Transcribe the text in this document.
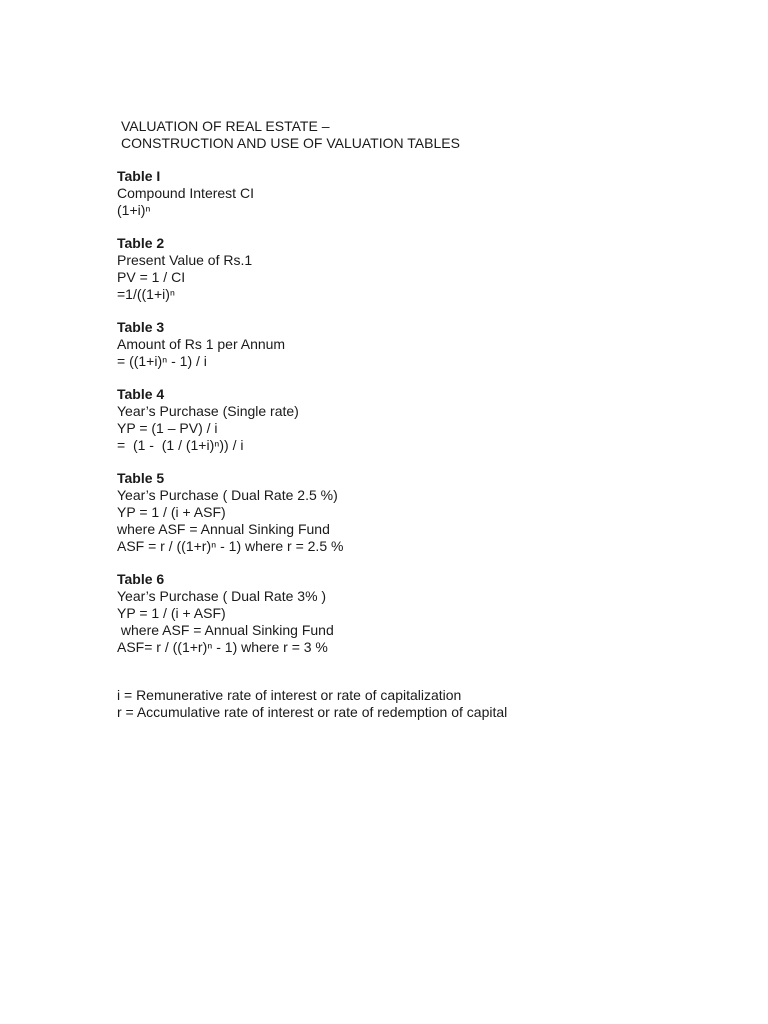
VALUATION OF REAL ESTATE –
CONSTRUCTION AND USE OF VALUATION TABLES
Table I
Compound Interest CI
(1+i)ⁿ
Table 2
Present Value of Rs.1
PV = 1 / CI
=1/((1+i)ⁿ
Table 3
Amount of Rs 1 per Annum
= ((1+i)ⁿ - 1) / i
Table 4
Year’s Purchase (Single rate)
YP = (1 – PV) / i
=  (1 -  (1 / (1+i)ⁿ)) / i
Table 5
Year’s Purchase ( Dual Rate 2.5 %)
YP = 1 / (i + ASF)
where ASF = Annual Sinking Fund
ASF = r / ((1+r)ⁿ - 1) where r = 2.5 %
Table 6
Year’s Purchase ( Dual Rate 3% )
YP = 1 / (i + ASF)
where ASF = Annual Sinking Fund
ASF= r / ((1+r)ⁿ - 1) where r = 3 %
i = Remunerative rate of interest or rate of capitalization
r = Accumulative rate of interest or rate of redemption of capital
